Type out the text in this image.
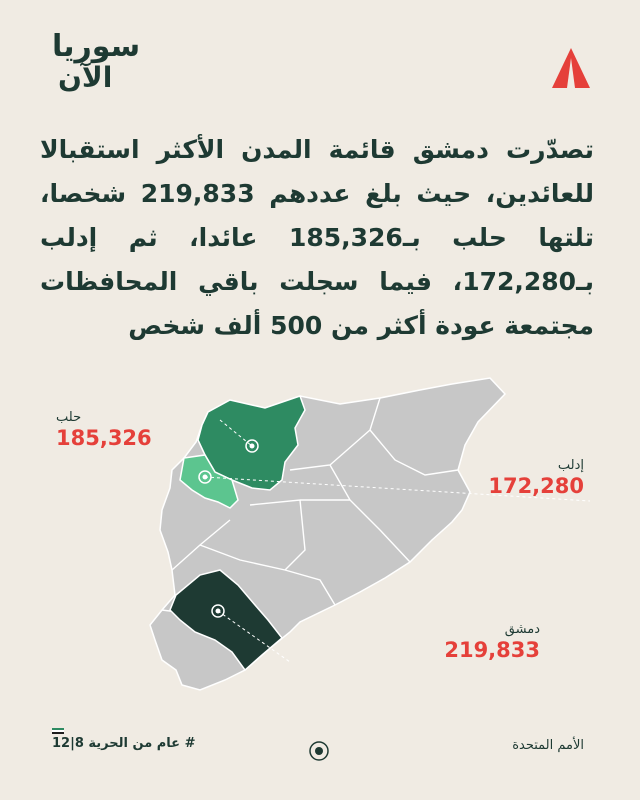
سوريا
الآن

تصدّرت دمشق قائمة المدن الأكثر استقبالا للعائدين، حيث بلغ عددهم 219,833 شخصا، تلتها حلب بـ185,326 عائدا، ثم إدلب بـ172,280، فيما سجلت باقي المحافظات مجتمعة عودة أكثر من 500 ألف شخص

حلب
185,326
إدلب
172,280
دمشق
219,833
# عام من الحرية 8|12	الأمم المتحدة
